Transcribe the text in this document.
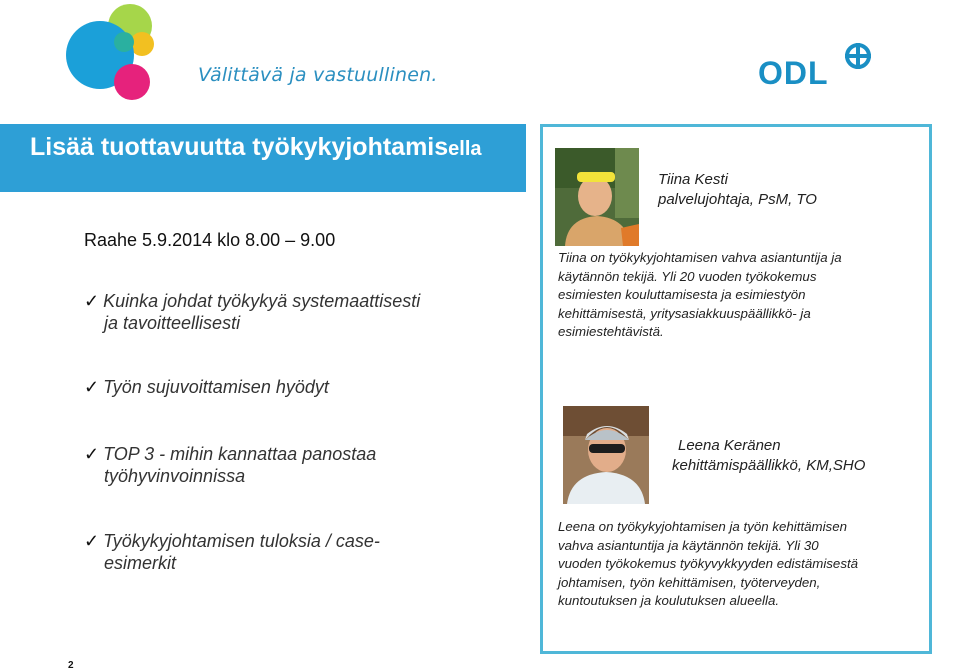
Välittävä ja vastuullinen.	ODL
Lisää tuottavuutta työkykyjohtamisella
Raahe 5.9.2014 klo 8.00 – 9.00
✓ Kuinka johdat työkykyä systemaattisesti
ja tavoitteellisesti
✓ Työn sujuvoittamisen hyödyt
✓ TOP 3 - mihin kannattaa panostaa
työhyvinvoinnissa
✓ Työkykyjohtamisen tuloksia / case-
esimerkit
Tiina Kesti
palvelujohtaja, PsM, TO
Tiina on työkykyjohtamisen vahva asiantuntija ja
käytännön tekijä. Yli 20 vuoden työkokemus
esimiesten kouluttamisesta ja esimiestyön
kehittämisestä, yritysasiakkuuspäällikkö- ja
esimiestehtävistä.
Leena Keränen
kehittämispäällikkö, KM,SHO
Leena on työkykyjohtamisen ja työn kehittämisen
vahva asiantuntija ja käytännön tekijä. Yli 30
vuoden työkokemus työkyvykkyyden edistämisestä
johtamisen, työn kehittämisen, työterveyden,
kuntoutuksen ja koulutuksen alueella.
2
